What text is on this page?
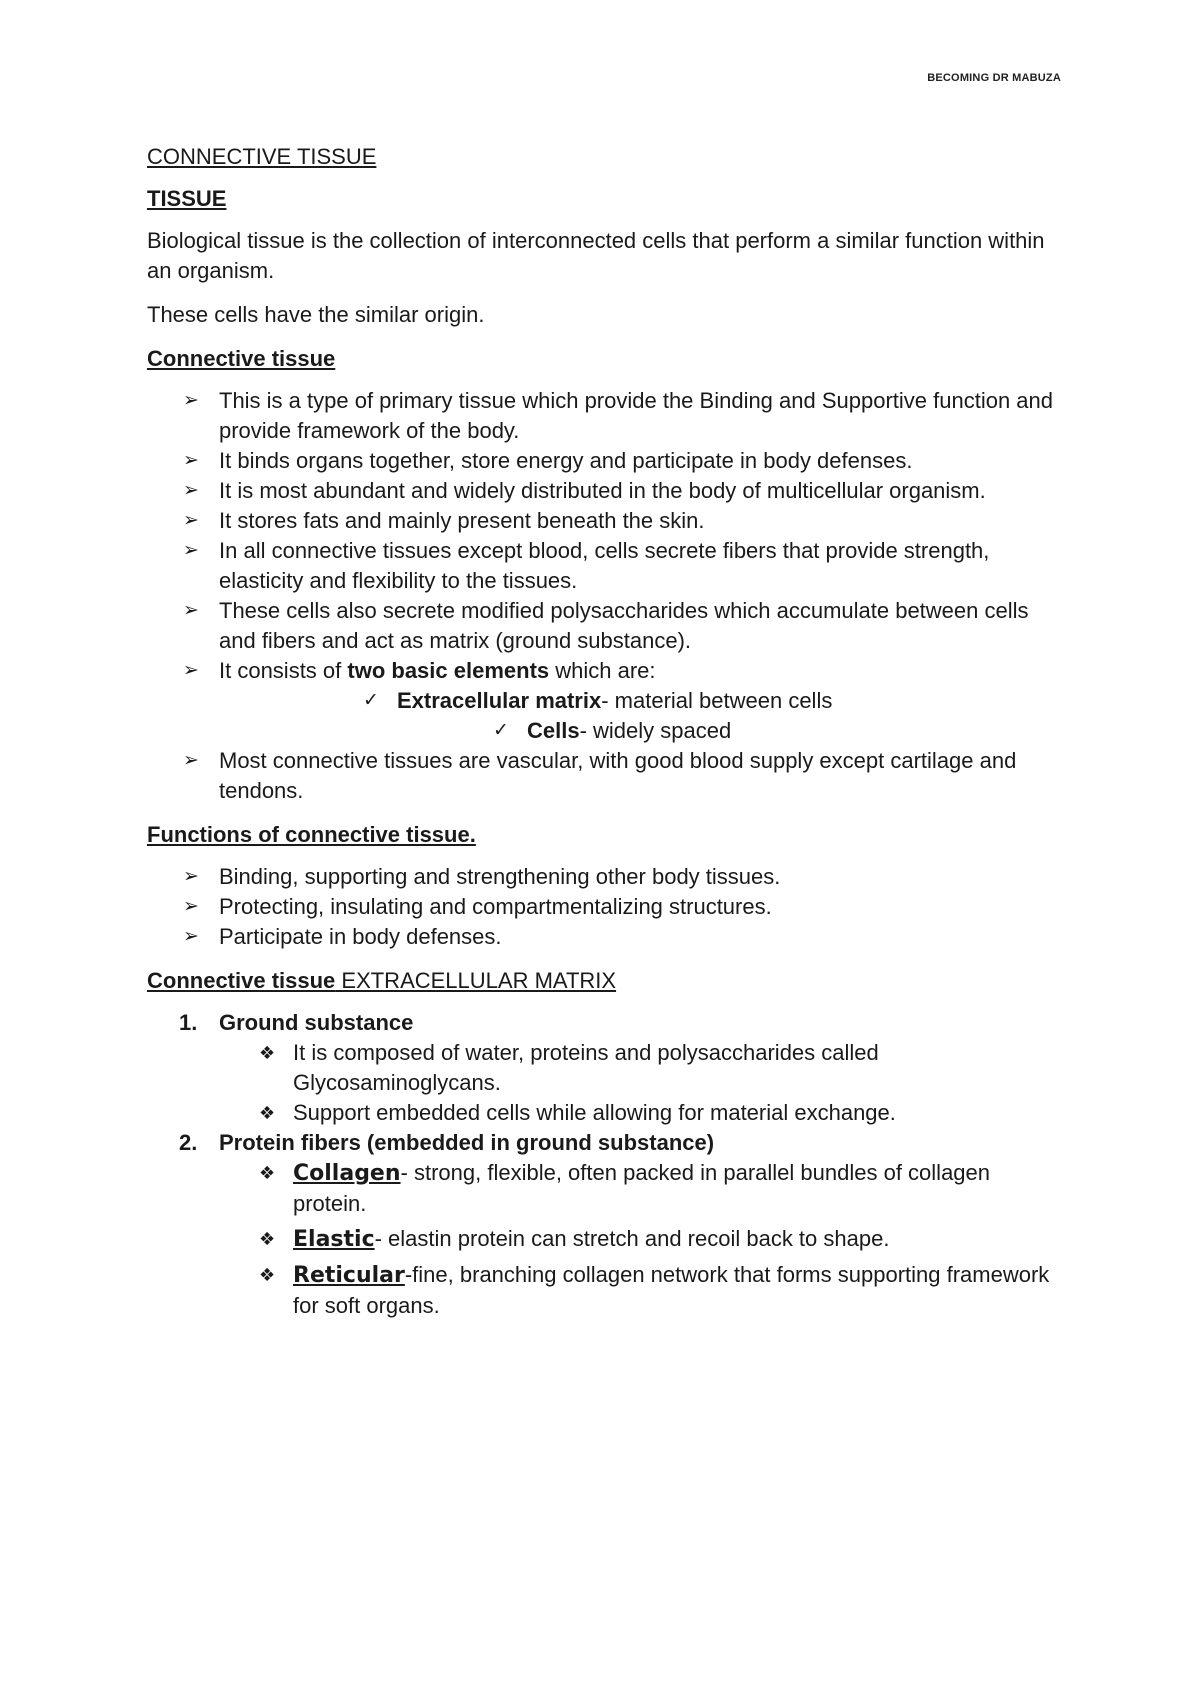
BECOMING DR MABUZA
CONNECTIVE TISSUE
TISSUE

Biological tissue is the collection of interconnected cells that perform a similar function within an organism.

These cells have the similar origin.

Connective tissue
➢ This is a type of primary tissue which provide the Binding and Supportive function and provide framework of the body.
➢ It binds organs together, store energy and participate in body defenses.
➢ It is most abundant and widely distributed in the body of multicellular organism.
➢ It stores fats and mainly present beneath the skin.
➢ In all connective tissues except blood, cells secrete fibers that provide strength, elasticity and flexibility to the tissues.
➢ These cells also secrete modified polysaccharides which accumulate between cells and fibers and act as matrix (ground substance).
➢ It consists of two basic elements which are:
✓ Extracellular matrix- material between cells
✓ Cells- widely spaced
➢ Most connective tissues are vascular, with good blood supply except cartilage and tendons.
Functions of connective tissue.
➢ Binding, supporting and strengthening other body tissues.
➢ Protecting, insulating and compartmentalizing structures.
➢ Participate in body defenses.
Connective tissue EXTRACELLULAR MATRIX
1. Ground substance
❖ It is composed of water, proteins and polysaccharides called Glycosaminoglycans.
❖ Support embedded cells while allowing for material exchange.
2. Protein fibers (embedded in ground substance)
❖ Collagen- strong, flexible, often packed in parallel bundles of collagen protein.
❖ Elastic- elastin protein can stretch and recoil back to shape.
❖ Reticular-fine, branching collagen network that forms supporting framework for soft organs.
